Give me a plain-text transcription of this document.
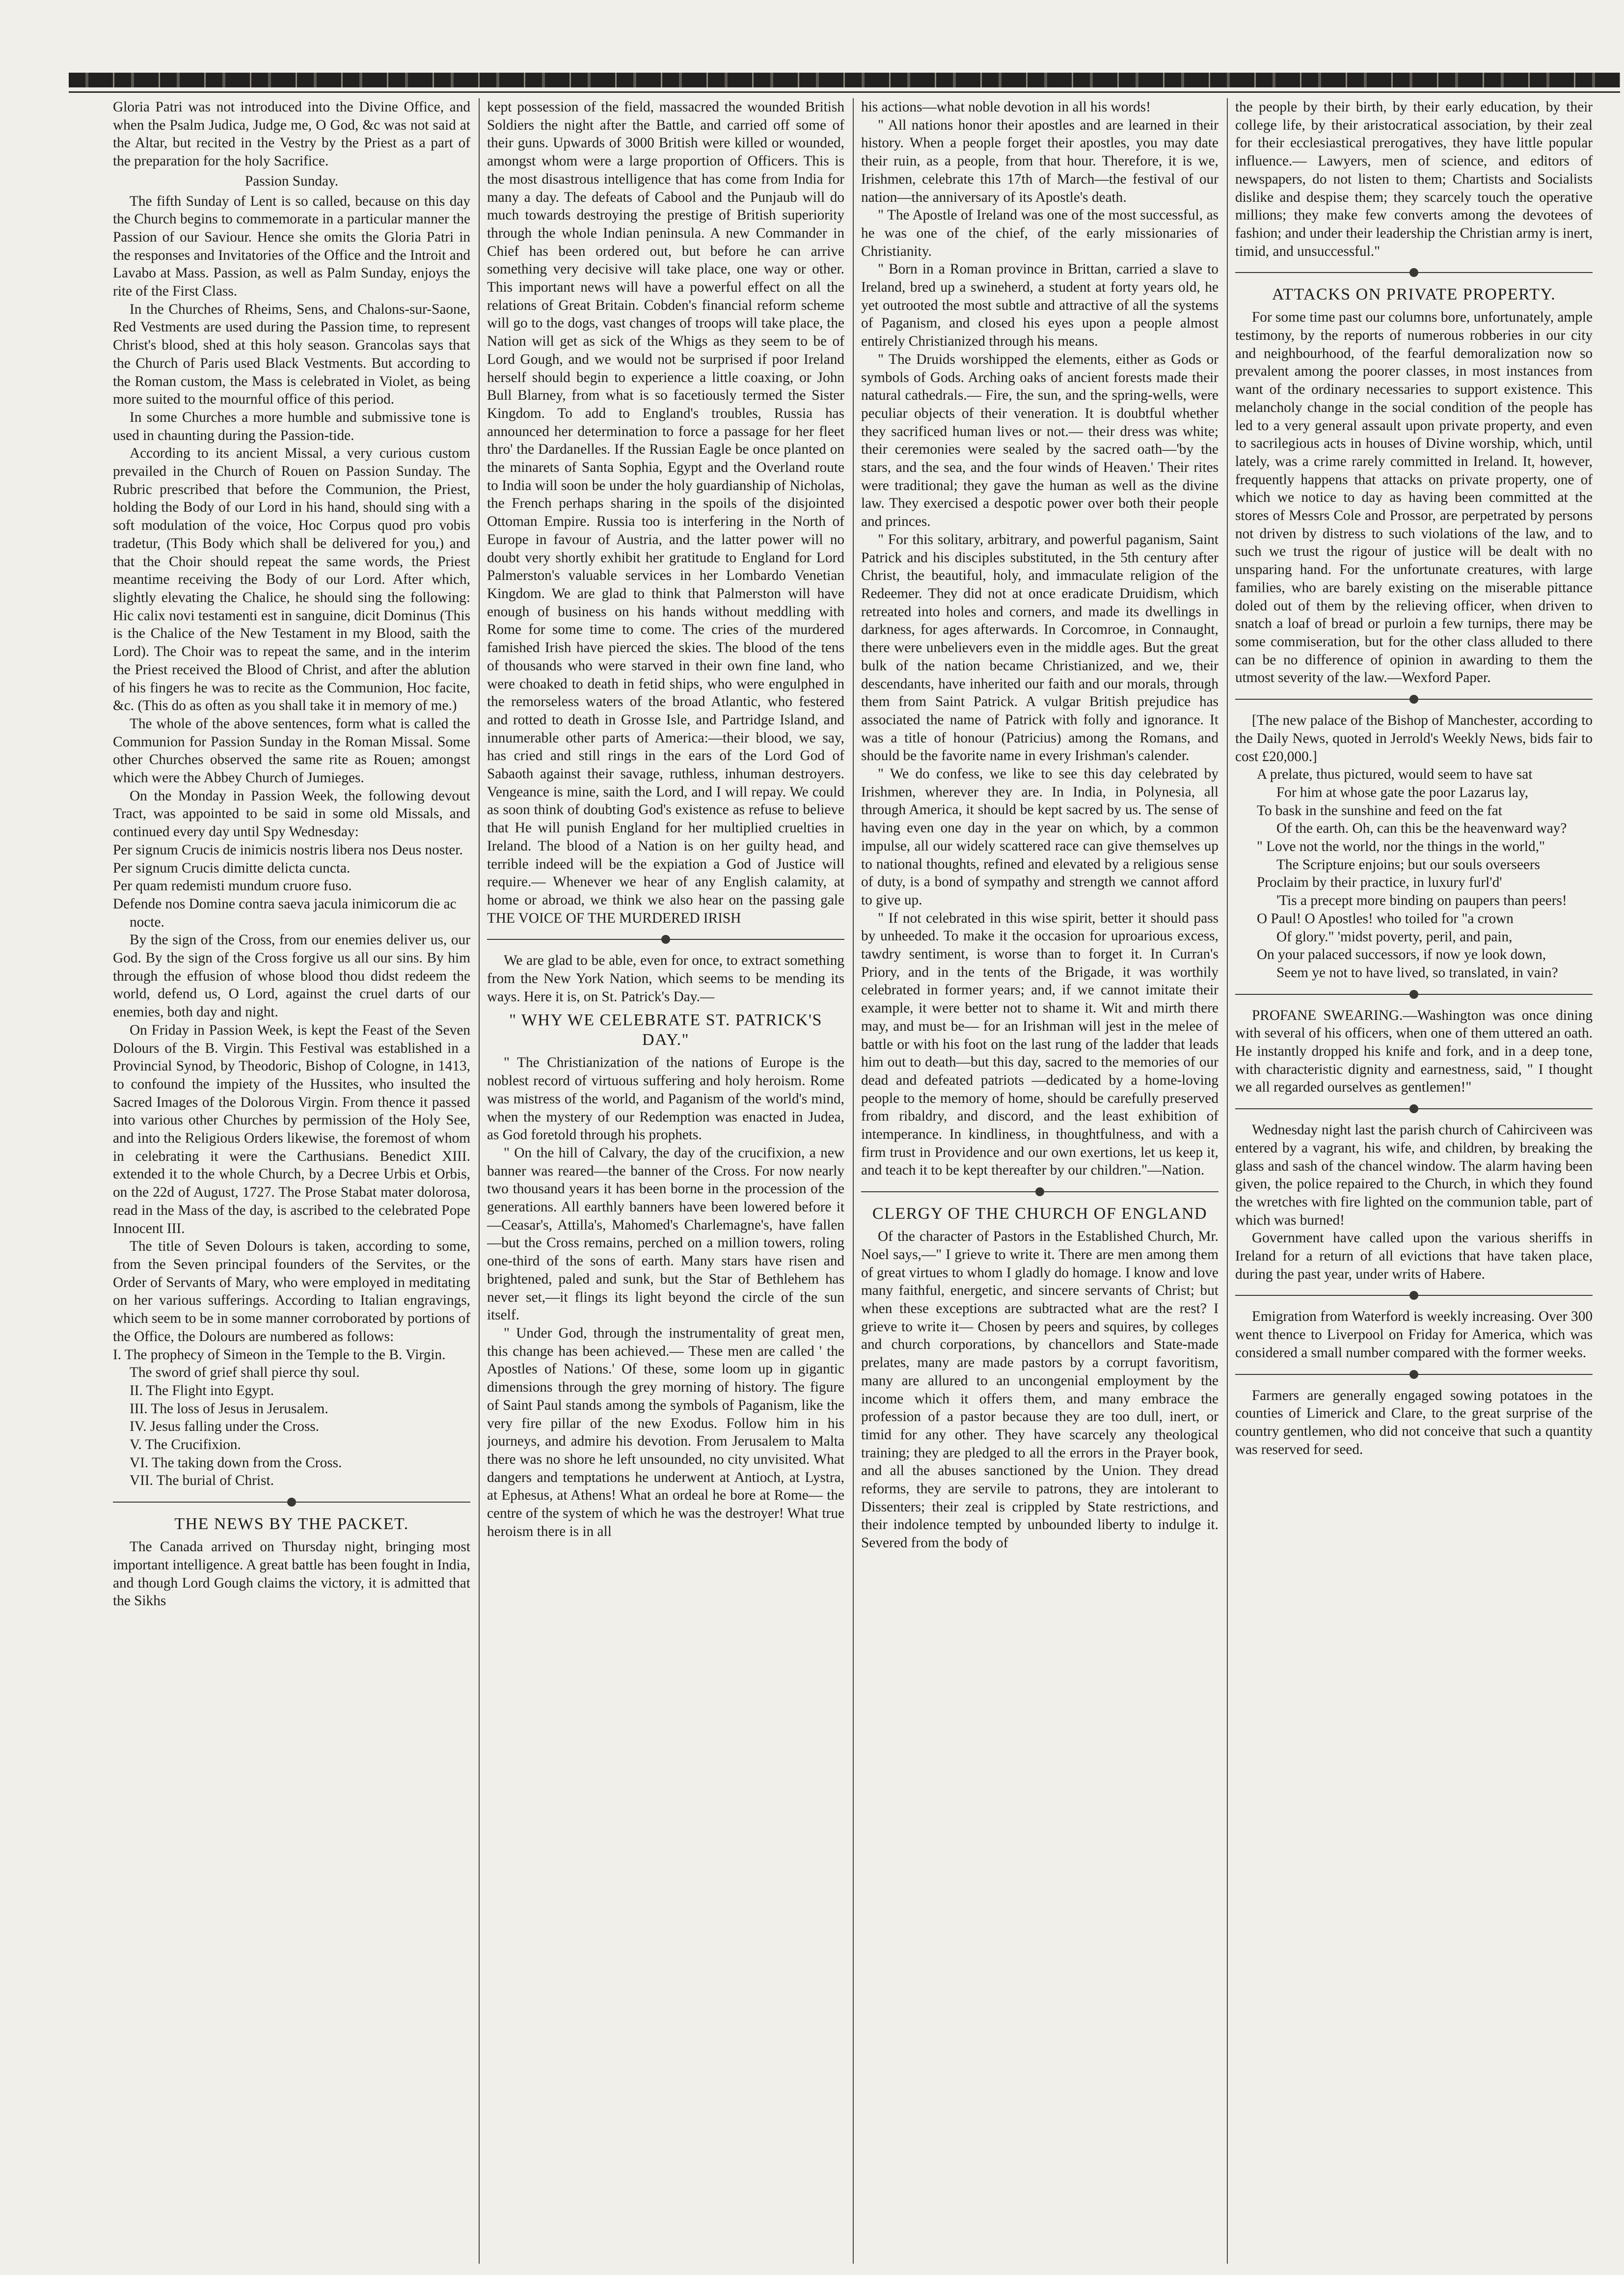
Gloria Patri was not introduced into the Divine Office, and when the Psalm Judica, Judge me, O God, &c was not said at the Altar, but recited in the Vestry by the Priest as a part of the preparation for the holy Sacrifice.

Passion Sunday.

The fifth Sunday of Lent is so called, because on this day the Church begins to commemorate in a particular manner the Passion of our Saviour. Hence she omits the Gloria Patri in the responses and Invitatories of the Office and the Introit and Lavabo at Mass. Passion, as well as Palm Sunday, enjoys the rite of the First Class.

In the Churches of Rheims, Sens, and Chalons-sur-Saone, Red Vestments are used during the Passion time, to represent Christ's blood, shed at this holy season. Grancolas says that the Church of Paris used Black Vestments. But according to the Roman custom, the Mass is celebrated in Violet, as being more suited to the mournful office of this period.

In some Churches a more humble and submissive tone is used in chaunting during the Passion-tide.

According to its ancient Missal, a very curious custom prevailed in the Church of Rouen on Passion Sunday. The Rubric prescribed that before the Communion, the Priest, holding the Body of our Lord in his hand, should sing with a soft modulation of the voice, Hoc Corpus quod pro vobis tradetur, (This Body which shall be delivered for you,) and that the Choir should repeat the same words, the Priest meantime receiving the Body of our Lord. After which, slightly elevating the Chalice, he should sing the following: Hic calix novi testamenti est in sanguine, dicit Dominus (This is the Chalice of the New Testament in my Blood, saith the Lord). The Choir was to repeat the same, and in the interim the Priest received the Blood of Christ, and after the ablution of his fingers he was to recite as the Communion, Hoc facite, &c. (This do as often as you shall take it in memory of me.)

The whole of the above sentences, form what is called the Communion for Passion Sunday in the Roman Missal. Some other Churches observed the same rite as Rouen; amongst which were the Abbey Church of Jumieges.

On the Monday in Passion Week, the following devout Tract, was appointed to be said in some old Missals, and continued every day until Spy Wednesday:

Per signum Crucis de inimicis nostris libera nos Deus noster.

Per signum Crucis dimitte delicta cuncta.

Per quam redemisti mundum cruore fuso.

Defende nos Domine contra saeva jacula inimicorum die ac nocte.

By the sign of the Cross, from our enemies deliver us, our God. By the sign of the Cross forgive us all our sins. By him through the effusion of whose blood thou didst redeem the world, defend us, O Lord, against the cruel darts of our enemies, both day and night.

On Friday in Passion Week, is kept the Feast of the Seven Dolours of the B. Virgin. This Festival was established in a Provincial Synod, by Theodoric, Bishop of Cologne, in 1413, to confound the impiety of the Hussites, who insulted the Sacred Images of the Dolorous Virgin. From thence it passed into various other Churches by permission of the Holy See, and into the Religious Orders likewise, the foremost of whom in celebrating it were the Carthusians. Benedict XIII. extended it to the whole Church, by a Decree Urbis et Orbis, on the 22d of August, 1727. The Prose Stabat mater dolorosa, read in the Mass of the day, is ascribed to the celebrated Pope Innocent III.

The title of Seven Dolours is taken, according to some, from the Seven principal founders of the Servites, or the Order of Servants of Mary, who were employed in meditating on her various sufferings. According to Italian engravings, which seem to be in some manner corroborated by portions of the Office, the Dolours are numbered as follows:

I. The prophecy of Simeon in the Temple to the B. Virgin. The sword of grief shall pierce thy soul.

II. The Flight into Egypt.

III. The loss of Jesus in Jerusalem.

IV. Jesus falling under the Cross.

V. The Crucifixion.

VI. The taking down from the Cross.

VII. The burial of Christ.

THE NEWS BY THE PACKET.

The Canada arrived on Thursday night, bringing most important intelligence. A great battle has been fought in India, and though Lord Gough claims the victory, it is admitted that the Sikhs

kept possession of the field, massacred the wounded British Soldiers the night after the Battle, and carried off some of their guns. Upwards of 3000 British were killed or wounded, amongst whom were a large proportion of Officers. This is the most disastrous intelligence that has come from India for many a day. The defeats of Cabool and the Punjaub will do much towards destroying the prestige of British superiority through the whole Indian peninsula. A new Commander in Chief has been ordered out, but before he can arrive something very decisive will take place, one way or other. This important news will have a powerful effect on all the relations of Great Britain. Cobden's financial reform scheme will go to the dogs, vast changes of troops will take place, the Nation will get as sick of the Whigs as they seem to be of Lord Gough, and we would not be surprised if poor Ireland herself should begin to experience a little coaxing, or John Bull Blarney, from what is so facetiously termed the Sister Kingdom. To add to England's troubles, Russia has announced her determination to force a passage for her fleet thro' the Dardanelles. If the Russian Eagle be once planted on the minarets of Santa Sophia, Egypt and the Overland route to India will soon be under the holy guardianship of Nicholas, the French perhaps sharing in the spoils of the disjointed Ottoman Empire. Russia too is interfering in the North of Europe in favour of Austria, and the latter power will no doubt very shortly exhibit her gratitude to England for Lord Palmerston's valuable services in her Lombardo Venetian Kingdom. We are glad to think that Palmerston will have enough of business on his hands without meddling with Rome for some time to come. The cries of the murdered famished Irish have pierced the skies. The blood of the tens of thousands who were starved in their own fine land, who were choaked to death in fetid ships, who were engulphed in the remorseless waters of the broad Atlantic, who festered and rotted to death in Grosse Isle, and Partridge Island, and innumerable other parts of America:—their blood, we say, has cried and still rings in the ears of the Lord God of Sabaoth against their savage, ruthless, inhuman destroyers. Vengeance is mine, saith the Lord, and I will repay. We could as soon think of doubting God's existence as refuse to believe that He will punish England for her multiplied cruelties in Ireland. The blood of a Nation is on her guilty head, and terrible indeed will be the expiation a God of Justice will require.— Whenever we hear of any English calamity, at home or abroad, we think we also hear on the passing gale THE VOICE OF THE MURDERED IRISH

We are glad to be able, even for once, to extract something from the New York Nation, which seems to be mending its ways. Here it is, on St. Patrick's Day.—

" WHY WE CELEBRATE ST. PATRICK'S DAY."

" The Christianization of the nations of Europe is the noblest record of virtuous suffering and holy heroism. Rome was mistress of the world, and Paganism of the world's mind, when the mystery of our Redemption was enacted in Judea, as God foretold through his prophets.

" On the hill of Calvary, the day of the crucifixion, a new banner was reared—the banner of the Cross. For now nearly two thousand years it has been borne in the procession of the generations. All earthly banners have been lowered before it—Ceasar's, Attilla's, Mahomed's Charlemagne's, have fallen—but the Cross remains, perched on a million towers, roling one-third of the sons of earth. Many stars have risen and brightened, paled and sunk, but the Star of Bethlehem has never set,—it flings its light beyond the circle of the sun itself.

" Under God, through the instrumentality of great men, this change has been achieved.— These men are called ' the Apostles of Nations.' Of these, some loom up in gigantic dimensions through the grey morning of history. The figure of Saint Paul stands among the symbols of Paganism, like the very fire pillar of the new Exodus. Follow him in his journeys, and admire his devotion. From Jerusalem to Malta there was no shore he left unsounded, no city unvisited. What dangers and temptations he underwent at Antioch, at Lystra, at Ephesus, at Athens! What an ordeal he bore at Rome— the centre of the system of which he was the destroyer! What true heroism there is in all

his actions—what noble devotion in all his words!

" All nations honor their apostles and are learned in their history. When a people forget their apostles, you may date their ruin, as a people, from that hour. Therefore, it is we, Irishmen, celebrate this 17th of March—the festival of our nation—the anniversary of its Apostle's death.

" The Apostle of Ireland was one of the most successful, as he was one of the chief, of the early missionaries of Christianity.

" Born in a Roman province in Brittan, carried a slave to Ireland, bred up a swineherd, a student at forty years old, he yet outrooted the most subtle and attractive of all the systems of Paganism, and closed his eyes upon a people almost entirely Christianized through his means.

" The Druids worshipped the elements, either as Gods or symbols of Gods. Arching oaks of ancient forests made their natural cathedrals.— Fire, the sun, and the spring-wells, were peculiar objects of their veneration. It is doubtful whether they sacrificed human lives or not.— their dress was white; their ceremonies were sealed by the sacred oath—'by the stars, and the sea, and the four winds of Heaven.' Their rites were traditional; they gave the human as well as the divine law. They exercised a despotic power over both their people and princes.

" For this solitary, arbitrary, and powerful paganism, Saint Patrick and his disciples substituted, in the 5th century after Christ, the beautiful, holy, and immaculate religion of the Redeemer. They did not at once eradicate Druidism, which retreated into holes and corners, and made its dwellings in darkness, for ages afterwards. In Corcomroe, in Connaught, there were unbelievers even in the middle ages. But the great bulk of the nation became Christianized, and we, their descendants, have inherited our faith and our morals, through them from Saint Patrick. A vulgar British prejudice has associated the name of Patrick with folly and ignorance. It was a title of honour (Patricius) among the Romans, and should be the favorite name in every Irishman's calender.

" We do confess, we like to see this day celebrated by Irishmen, wherever they are. In India, in Polynesia, all through America, it should be kept sacred by us. The sense of having even one day in the year on which, by a common impulse, all our widely scattered race can give themselves up to national thoughts, refined and elevated by a religious sense of duty, is a bond of sympathy and strength we cannot afford to give up.

" If not celebrated in this wise spirit, better it should pass by unheeded. To make it the occasion for uproarious excess, tawdry sentiment, is worse than to forget it. In Curran's Priory, and in the tents of the Brigade, it was worthily celebrated in former years; and, if we cannot imitate their example, it were better not to shame it. Wit and mirth there may, and must be— for an Irishman will jest in the melee of battle or with his foot on the last rung of the ladder that leads him out to death—but this day, sacred to the memories of our dead and defeated patriots —dedicated by a home-loving people to the memory of home, should be carefully preserved from ribaldry, and discord, and the least exhibition of intemperance. In kindliness, in thoughtfulness, and with a firm trust in Providence and our own exertions, let us keep it, and teach it to be kept thereafter by our children."—Nation.

CLERGY OF THE CHURCH OF ENGLAND

Of the character of Pastors in the Established Church, Mr. Noel says,—" I grieve to write it. There are men among them of great virtues to whom I gladly do homage. I know and love many faithful, energetic, and sincere servants of Christ; but when these exceptions are subtracted what are the rest? I grieve to write it— Chosen by peers and squires, by colleges and church corporations, by chancellors and State-made prelates, many are made pastors by a corrupt favoritism, many are allured to an uncongenial employment by the income which it offers them, and many embrace the profession of a pastor because they are too dull, inert, or timid for any other. They have scarcely any theological training; they are pledged to all the errors in the Prayer book, and all the abuses sanctioned by the Union. They dread reforms, they are servile to patrons, they are intolerant to Dissenters; their zeal is crippled by State restrictions, and their indolence tempted by unbounded liberty to indulge it. Severed from the body of

the people by their birth, by their early education, by their college life, by their aristocratical association, by their zeal for their ecclesiastical prerogatives, they have little popular influence.— Lawyers, men of science, and editors of newspapers, do not listen to them; Chartists and Socialists dislike and despise them; they scarcely touch the operative millions; they make few converts among the devotees of fashion; and under their leadership the Christian army is inert, timid, and unsuccessful."

ATTACKS ON PRIVATE PROPERTY.

For some time past our columns bore, unfortunately, ample testimony, by the reports of numerous robberies in our city and neighbourhood, of the fearful demoralization now so prevalent among the poorer classes, in most instances from want of the ordinary necessaries to support existence. This melancholy change in the social condition of the people has led to a very general assault upon private property, and even to sacrilegious acts in houses of Divine worship, which, until lately, was a crime rarely committed in Ireland. It, however, frequently happens that attacks on private property, one of which we notice to day as having been committed at the stores of Messrs Cole and Prossor, are perpetrated by persons not driven by distress to such violations of the law, and to such we trust the rigour of justice will be dealt with no unsparing hand. For the unfortunate creatures, with large families, who are barely existing on the miserable pittance doled out of them by the relieving officer, when driven to snatch a loaf of bread or purloin a few turnips, there may be some commiseration, but for the other class alluded to there can be no difference of opinion in awarding to them the utmost severity of the law.—Wexford Paper.

[The new palace of the Bishop of Manchester, according to the Daily News, quoted in Jerrold's Weekly News, bids fair to cost £20,000.]

A prelate, thus pictured, would seem to have sat

For him at whose gate the poor Lazarus lay,

To bask in the sunshine and feed on the fat

Of the earth. Oh, can this be the heavenward way?

" Love not the world, nor the things in the world,"

The Scripture enjoins; but our souls overseers

Proclaim by their practice, in luxury furl'd'

'Tis a precept more binding on paupers than peers!

O Paul! O Apostles! who toiled for "a crown

Of glory." 'midst poverty, peril, and pain,

On your palaced successors, if now ye look down,

Seem ye not to have lived, so translated, in vain?

PROFANE SWEARING.—Washington was once dining with several of his officers, when one of them uttered an oath. He instantly dropped his knife and fork, and in a deep tone, with characteristic dignity and earnestness, said, " I thought we all regarded ourselves as gentlemen!"

Wednesday night last the parish church of Cahirciveen was entered by a vagrant, his wife, and children, by breaking the glass and sash of the chancel window. The alarm having been given, the police repaired to the Church, in which they found the wretches with fire lighted on the communion table, part of which was burned!

Government have called upon the various sheriffs in Ireland for a return of all evictions that have taken place, during the past year, under writs of Habere.

Emigration from Waterford is weekly increasing. Over 300 went thence to Liverpool on Friday for America, which was considered a small number compared with the former weeks.

Farmers are generally engaged sowing potatoes in the counties of Limerick and Clare, to the great surprise of the country gentlemen, who did not conceive that such a quantity was reserved for seed.
